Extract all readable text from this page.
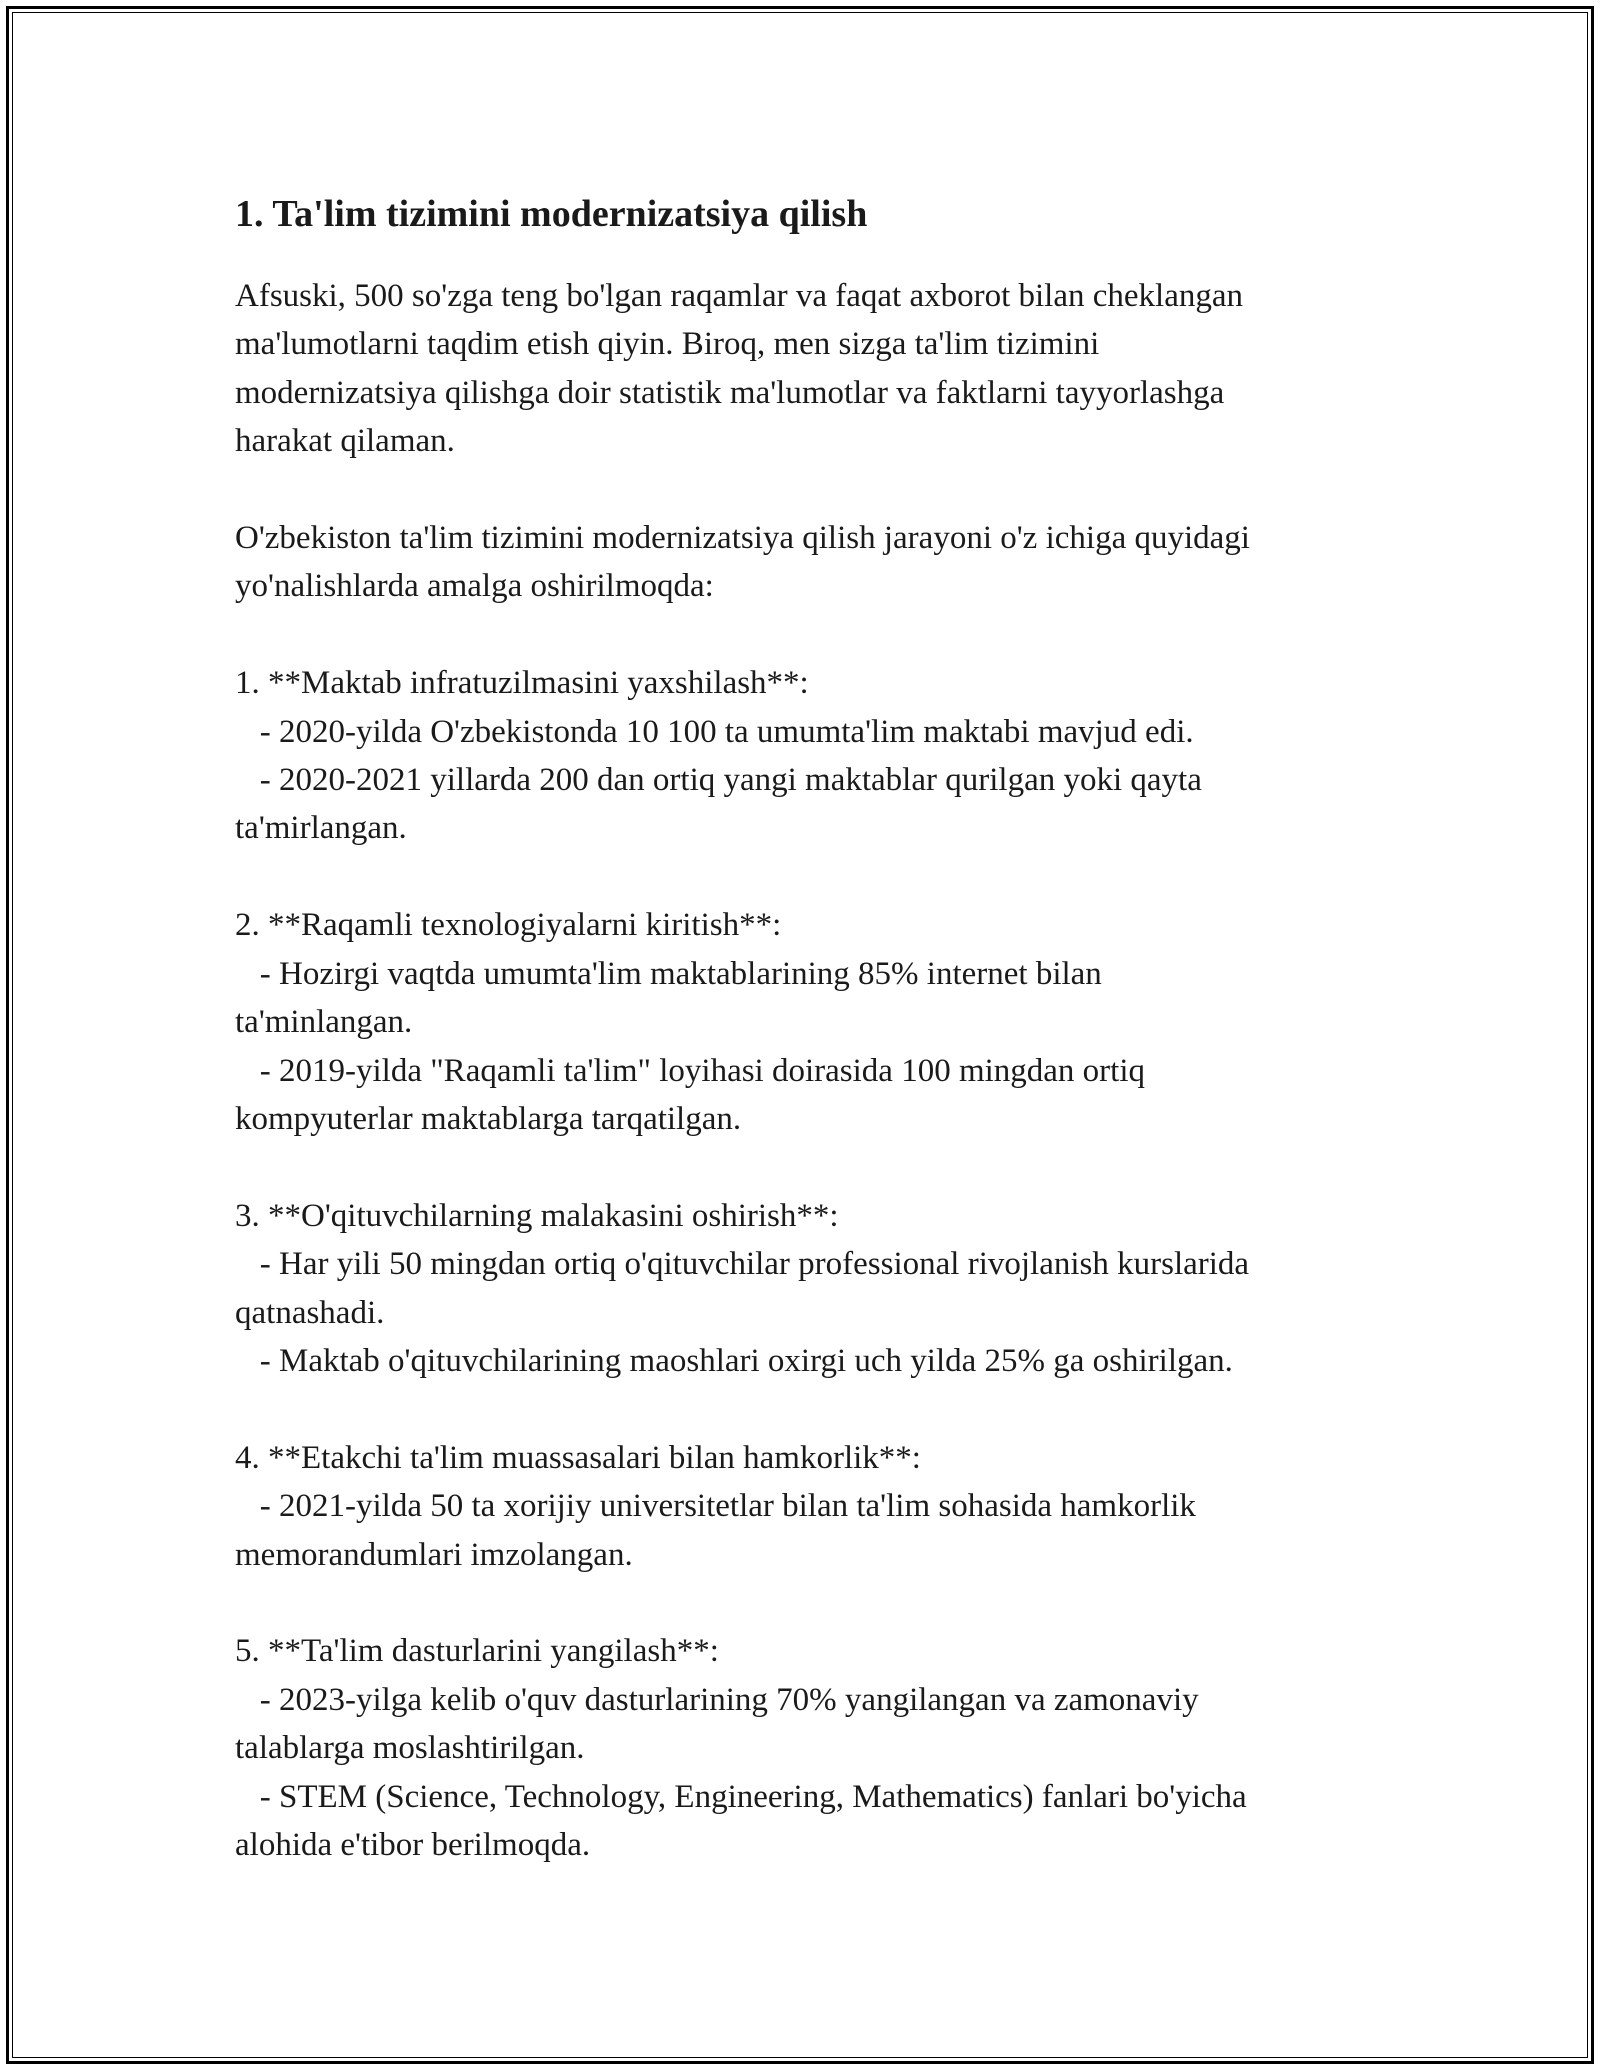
1. Ta'lim tizimini modernizatsiya qilish

Afsuski, 500 so'zga teng bo'lgan raqamlar va faqat axborot bilan cheklangan
ma'lumotlarni taqdim etish qiyin. Biroq, men sizga ta'lim tizimini
modernizatsiya qilishga doir statistik ma'lumotlar va faktlarni tayyorlashga
harakat qilaman.

O'zbekiston ta'lim tizimini modernizatsiya qilish jarayoni o'z ichiga quyidagi
yo'nalishlarda amalga oshirilmoqda:

1. **Maktab infratuzilmasini yaxshilash**:
- 2020-yilda O'zbekistonda 10 100 ta umumta'lim maktabi mavjud edi.
- 2020-2021 yillarda 200 dan ortiq yangi maktablar qurilgan yoki qayta
ta'mirlangan.

2. **Raqamli texnologiyalarni kiritish**:
- Hozirgi vaqtda umumta'lim maktablarining 85% internet bilan
ta'minlangan.
- 2019-yilda "Raqamli ta'lim" loyihasi doirasida 100 mingdan ortiq
kompyuterlar maktablarga tarqatilgan.

3. **O'qituvchilarning malakasini oshirish**:
- Har yili 50 mingdan ortiq o'qituvchilar professional rivojlanish kurslarida
qatnashadi.
- Maktab o'qituvchilarining maoshlari oxirgi uch yilda 25% ga oshirilgan.

4. **Etakchi ta'lim muassasalari bilan hamkorlik**:
- 2021-yilda 50 ta xorijiy universitetlar bilan ta'lim sohasida hamkorlik
memorandumlari imzolangan.

5. **Ta'lim dasturlarini yangilash**:
- 2023-yilga kelib o'quv dasturlarining 70% yangilangan va zamonaviy
talablarga moslashtirilgan.
- STEM (Science, Technology, Engineering, Mathematics) fanlari bo'yicha
alohida e'tibor berilmoqda.
